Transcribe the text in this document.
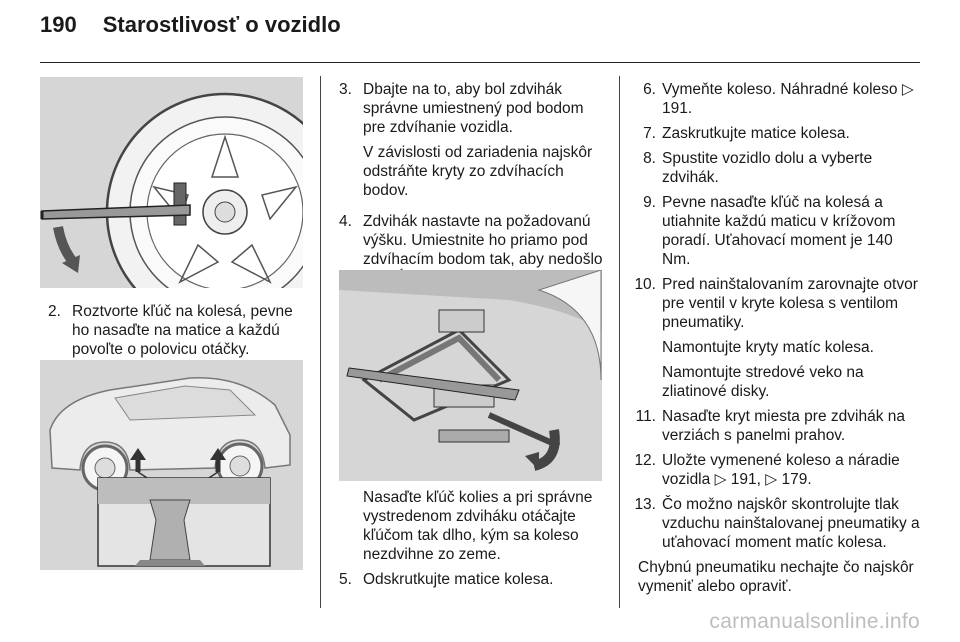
190 Starostlivosť o vozidlo
2. Roztvorte kľúč na kolesá, pevne ho nasaďte na matice a každú povoľte o polovicu otáčky.
3. Dbajte na to, aby bol zdvihák správne umiestnený pod bodom pre zdvíhanie vozidla.

V závislosti od zariadenia najskôr odstráňte kryty zo zdvíhacích bodov.

4. Zdvihák nastavte na požadovanú výšku. Umiestnite ho priamo pod zdvíhacím bodom tak, aby nedošlo
Nasaďte kľúč kolies a pri správne vystredenom zdviháku otáčajte kľúčom tak dlho, kým sa koleso nezdvihne zo zeme.
5. Odskrutkujte matice kolesa.
6. Vymeňte koleso. Náhradné koleso ▷ 191.
7. Zaskrutkujte matice kolesa.
8. Spustite vozidlo dolu a vyberte zdvihák.
9. Pevne nasaďte kľúč na kolesá a utiahnite každú maticu v krížovom poradí. Uťahovací moment je 140 Nm.
10. Pred nainštalovaním zarovnajte otvor pre ventil v kryte kolesa s ventilom pneumatiky.

Namontujte kryty matíc kolesa.

Namontujte stredové veko na zliatinové disky.

11. Nasaďte kryt miesta pre zdvihák na verziách s panelmi prahov.
12. Uložte vymenené koleso a náradie vozidla ▷ 191, ▷ 179.
13. Čo možno najskôr skontrolujte tlak vzduchu nainštalovanej pneumatiky a uťahovací moment matíc kolesa.

Chybnú pneumatiku nechajte čo najskôr vymeniť alebo opraviť.

carmanualsonline.info
